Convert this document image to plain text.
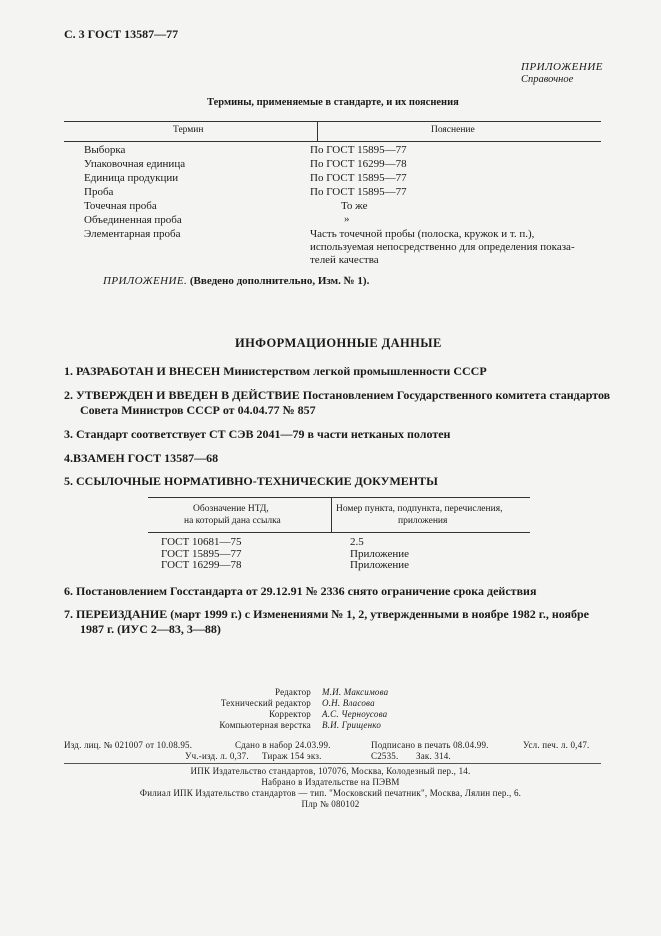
С. 3 ГОСТ 13587—77
ПРИЛОЖЕНИЕ
Справочное
Термины, применяемые в стандарте, и их пояснения
Термин	Пояснение
Выборка	По ГОСТ 15895—77
Упаковочная единица	По ГОСТ 16299—78
Единица продукции	По ГОСТ 15895—77
Проба	По ГОСТ 15895—77
Точечная проба	То же
Объединенная проба	»
Элементарная проба	Часть точечной пробы (полоска, кружок и т. п.),
используемая непосредственно для определения показа-
телей качества
ПРИЛОЖЕНИЕ. (Введено дополнительно, Изм. № 1).
ИНФОРМАЦИОННЫЕ ДАННЫЕ
1. РАЗРАБОТАН И ВНЕСЕН Министерством легкой промышленности СССР
2. УТВЕРЖДЕН И ВВЕДЕН В ДЕЙСТВИЕ Постановлением Государственного комитета стандартов
Совета Министров СССР от 04.04.77 № 857
3. Стандарт соответствует СТ СЭВ 2041—79 в части нетканых полотен
4.ВЗАМЕН ГОСТ 13587—68
5. ССЫЛОЧНЫЕ НОРМАТИВНО-ТЕХНИЧЕСКИЕ ДОКУМЕНТЫ
Обозначение НТД,
на который дана ссылка
Номер пункта, подпункта, перечисления,
приложения
ГОСТ 10681—75	2.5
ГОСТ 15895—77	Приложение
ГОСТ 16299—78	Приложение
6. Постановлением Госстандарта от 29.12.91 № 2336 снято ограничение срока действия
7. ПЕРЕИЗДАНИЕ (март 1999 г.) с Изменениями № 1, 2, утвержденными в ноябре 1982 г., ноябре
1987 г. (ИУС 2—83, 3—88)
Редактор М.И. Максимова
Технический редактор О.Н. Власова
Корректор А.С. Черноусова
Компьютерная верстка В.И. Грищенко
Изд. лиц. № 021007 от 10.08.95.	Сдано в набор 24.03.99.	Подписано в печать 08.04.99.	Усл. печ. л. 0,47.
Уч.-изд. л. 0,37. Тираж 154 экз.	С2535. Зак. 314.
ИПК Издательство стандартов, 107076, Москва, Колодезный пер., 14.
Набрано в Издательстве на ПЭВМ
Филиал ИПК Издательство стандартов — тип. "Московский печатник", Москва, Лялин пер., 6.
Плр № 080102
